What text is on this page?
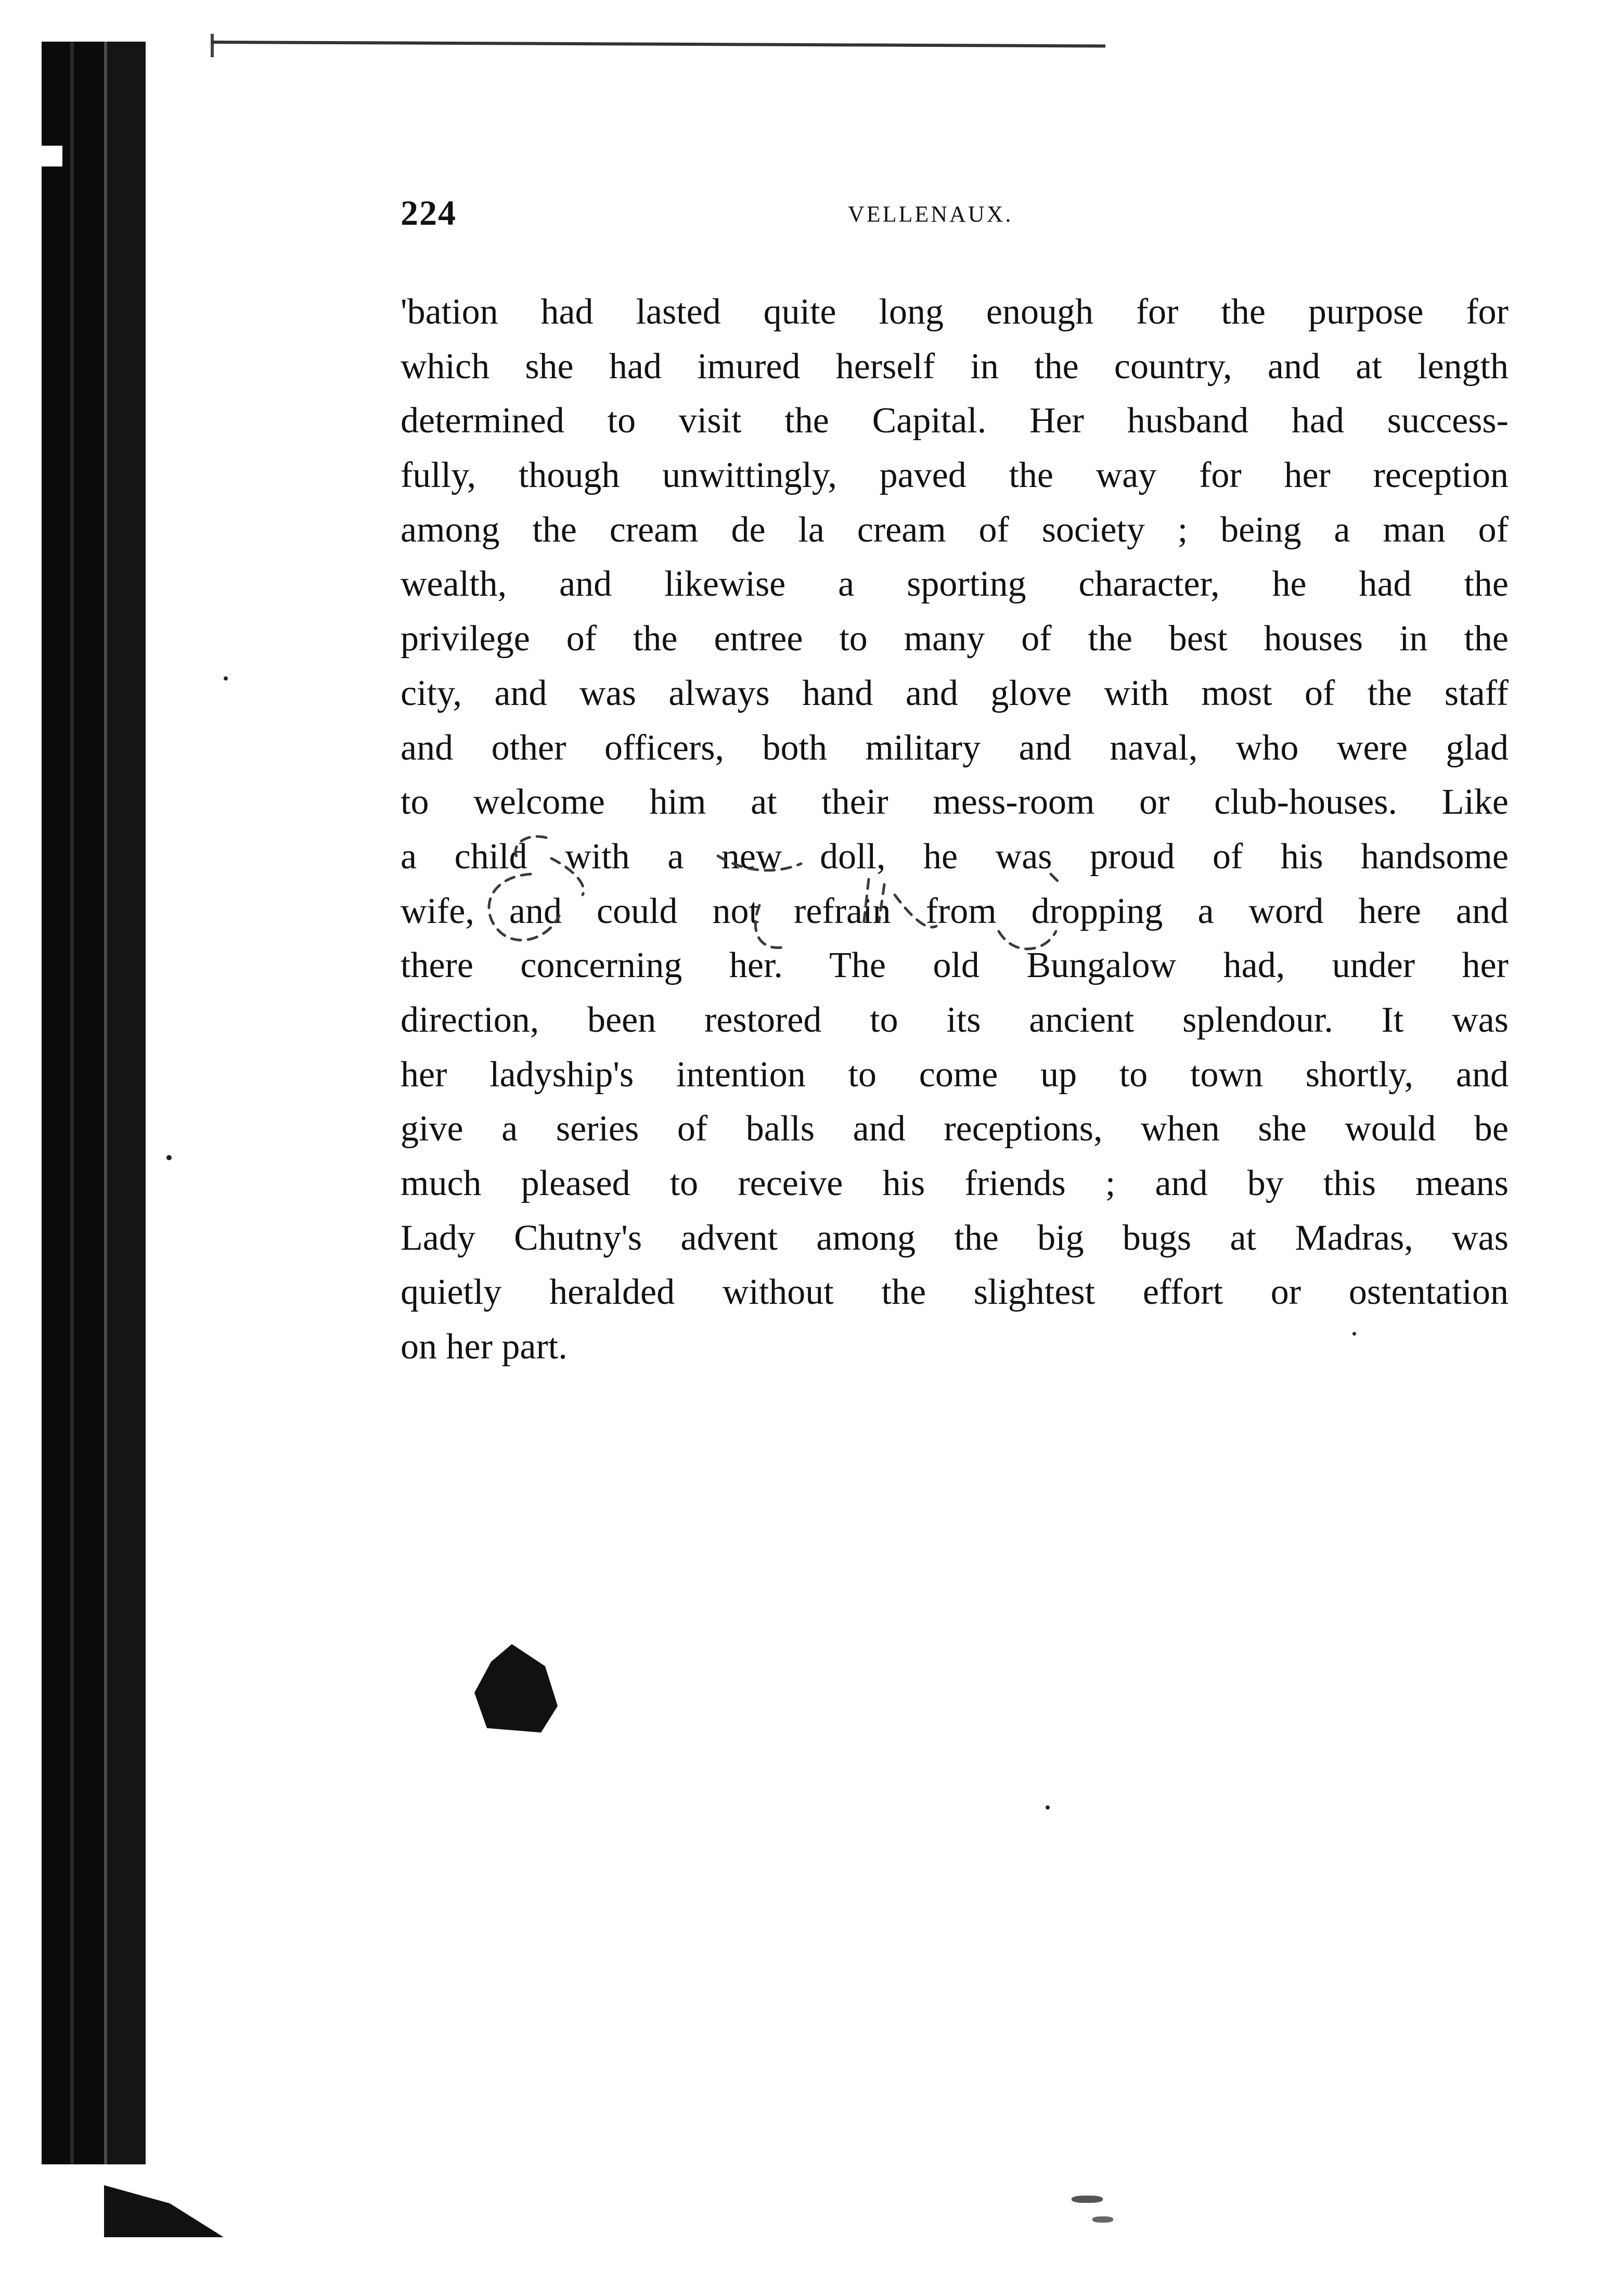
224	VELLENAUX.
'bation had lasted quite long enough for the purpose for
which she had imured herself in the country, and at length
determined to visit the Capital. Her husband had success-
fully, though unwittingly, paved the way for her reception
among the cream de la cream of society ; being a man of
wealth, and likewise a sporting character, he had the
privilege of the entree to many of the best houses in the
city, and was always hand and glove with most of the staff
and other officers, both military and naval, who were glad
to welcome him at their mess-room or club-houses. Like
a child with a new doll, he was proud of his handsome
wife, and could not refrain from dropping a word here and
there concerning her. The old Bungalow had, under her
direction, been restored to its ancient splendour. It was
her ladyship's intention to come up to town shortly, and
give a series of balls and receptions, when she would be
much pleased to receive his friends ; and by this means
Lady Chutny's advent among the big bugs at Madras, was
quietly heralded without the slightest effort or ostentation
on her part.
